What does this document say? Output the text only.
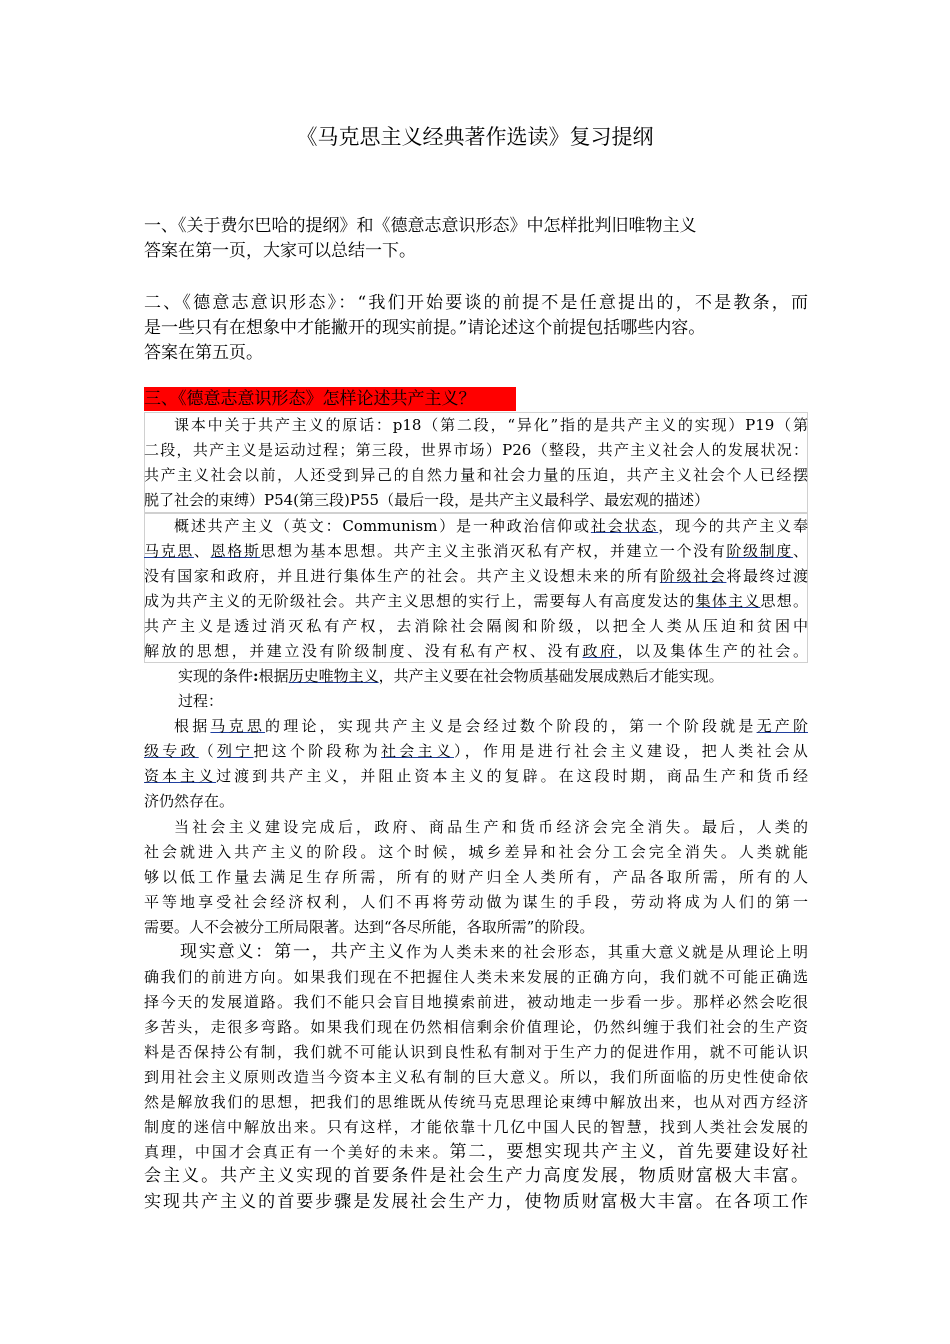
《马克思主义经典著作选读》复习提纲
一、《关于费尔巴哈的提纲》和《德意志意识形态》中怎样批判旧唯物主义
答案在第一页，大家可以总结一下。
二、《德意志意识形态》：“我们开始要谈的前提不是任意提出的，不是教条，而
是一些只有在想象中才能撇开的现实前提。”请论述这个前提包括哪些内容。
答案在第五页。
三、《德意志意识形态》怎样论述共产主义？
课本中关于共产主义的原话：p18（第二段，“异化”指的是共产主义的实现）P19（第
二段，共产主义是运动过程；第三段，世界市场）P26（整段，共产主义社会人的发展状况：
共产主义社会以前，人还受到异己的自然力量和社会力量的压迫，共产主义社会个人已经摆
脱了社会的束缚）P54(第三段)P55（最后一段，是共产主义最科学、最宏观的描述）
概述共产主义（英文：Communism）是一种政治信仰或社会状态，现今的共产主义奉
马克思、恩格斯思想为基本思想。共产主义主张消灭私有产权，并建立一个没有阶级制度、
没有国家和政府，并且进行集体生产的社会。共产主义设想未来的所有阶级社会将最终过渡
成为共产主义的无阶级社会。共产主义思想的实行上，需要每人有高度发达的集体主义思想。
共产主义是透过消灭私有产权，去消除社会隔阂和阶级，以把全人类从压迫和贫困中
解放的思想，并建立没有阶级制度、没有私有产权、没有政府，以及集体生产的社会。
实现的条件:根据历史唯物主义，共产主义要在社会物质基础发展成熟后才能实现。
过程：
根据马克思的理论，实现共产主义是会经过数个阶段的，第一个阶段就是无产阶
级专政（列宁把这个阶段称为社会主义），作用是进行社会主义建设，把人类社会从
资本主义过渡到共产主义，并阻止资本主义的复辟。在这段时期，商品生产和货币经
济仍然存在。
当社会主义建设完成后，政府、商品生产和货币经济会完全消失。最后，人类的
社会就进入共产主义的阶段。这个时候，城乡差异和社会分工会完全消失。人类就能
够以低工作量去满足生存所需，所有的财产归全人类所有，产品各取所需，所有的人
平等地享受社会经济权利，人们不再将劳动做为谋生的手段，劳动将成为人们的第一
需要。人不会被分工所局限著。达到“各尽所能，各取所需”的阶段。
现实意义：第一，共产主义作为人类未来的社会形态，其重大意义就是从理论上明
确我们的前进方向。如果我们现在不把握住人类未来发展的正确方向，我们就不可能正确选
择今天的发展道路。我们不能只会盲目地摸索前进，被动地走一步看一步。那样必然会吃很
多苦头，走很多弯路。如果我们现在仍然相信剩余价值理论，仍然纠缠于我们社会的生产资
料是否保持公有制，我们就不可能认识到良性私有制对于生产力的促进作用，就不可能认识
到用社会主义原则改造当今资本主义私有制的巨大意义。所以，我们所面临的历史性使命依
然是解放我们的思想，把我们的思维既从传统马克思理论束缚中解放出来，也从对西方经济
制度的迷信中解放出来。只有这样，才能依靠十几亿中国人民的智慧，找到人类社会发展的
真理，中国才会真正有一个美好的未来。第二，要想实现共产主义，首先要建设好社
会主义。共产主义实现的首要条件是社会生产力高度发展，物质财富极大丰富。
实现共产主义的首要步骤是发展社会生产力，使物质财富极大丰富。在各项工作
